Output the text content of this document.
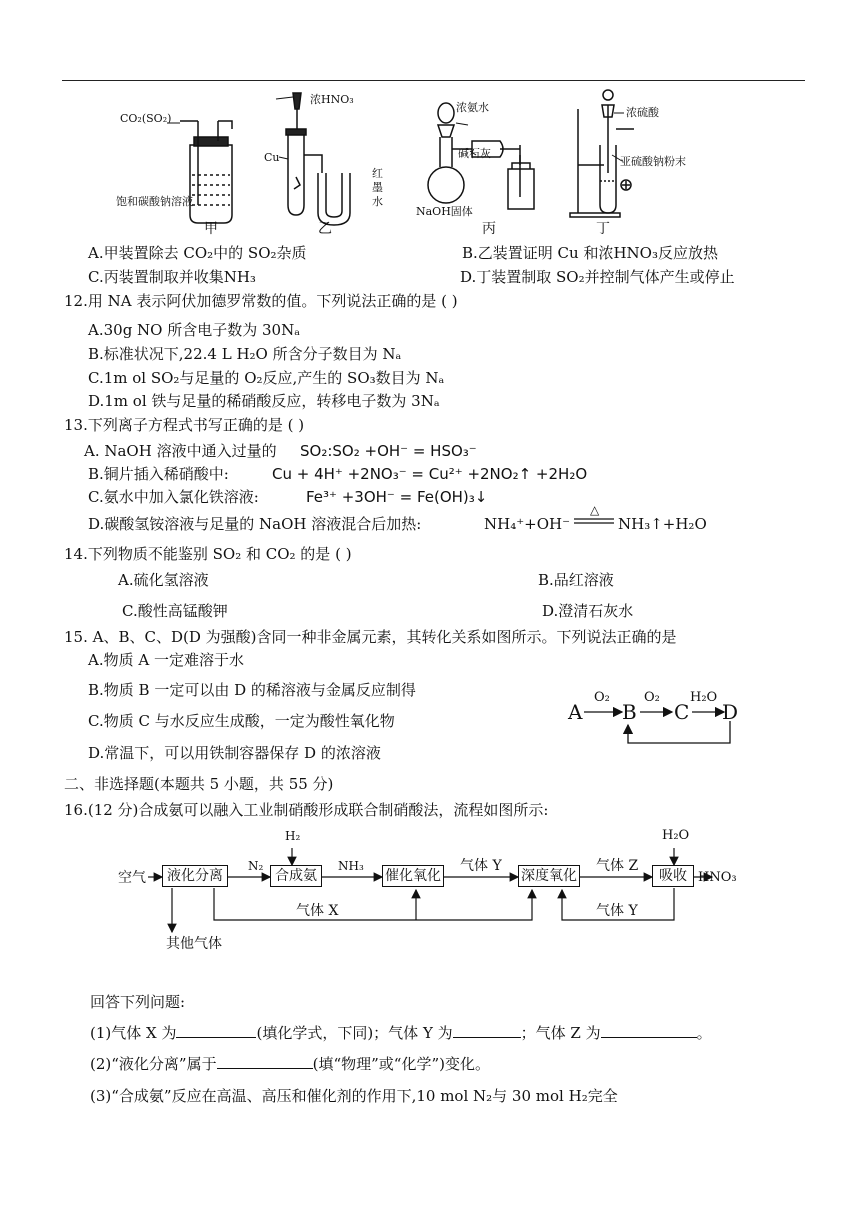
CO₂(SO₂)
饱和碳酸钠溶液
甲
浓HNO₃
Cu
红
墨
水
乙
浓氨水
碱石灰
NaOH固体
丙
浓硫酸
亚硫酸钠粉末
丁
A.甲装置除去 CO₂中的 SO₂杂质	B.乙装置证明 Cu 和浓HNO₃反应放热
C.丙装置制取并收集NH₃	D.丁装置制取 SO₂并控制气体产生或停止
12.用 NA 表示阿伏加德罗常数的值。下列说法正确的是 ( )
A.30g NO 所含电子数为 30Nₐ
B.标准状况下,22.4 L H₂O 所含分子数目为 Nₐ
C.1m ol SO₂与足量的 O₂反应,产生的 SO₃数目为 Nₐ
D.1m ol 铁与足量的稀硝酸反应，转移电子数为 3Nₐ
13.下列离子方程式书写正确的是 ( )
A. NaOH 溶液中通入过量的 SO₂:SO₂ +OH⁻ = HSO₃⁻
B.铜片插入稀硝酸中:	Cu + 4H⁺ +2NO₃⁻ = Cu²⁺ +2NO₂↑ +2H₂O
C.氨水中加入氯化铁溶液:	Fe³⁺ +3OH⁻ = Fe(OH)₃↓
D.碳酸氢铵溶液与足量的 NaOH 溶液混合后加热:	NH₄⁺+OH⁻
△
NH₃↑+H₂O
14.下列物质不能鉴别 SO₂ 和 CO₂ 的是 ( )
A.硫化氢溶液	B.品红溶液
C.酸性高锰酸钾	D.澄清石灰水
15. A、B、C、D(D 为强酸)含同一种非金属元素，其转化关系如图所示。下列说法正确的是
A.物质 A 一定难溶于水
B.物质 B 一定可以由 D 的稀溶液与金属反应制得
C.物质 C 与水反应生成酸，一定为酸性氧化物
D.常温下，可以用铁制容器保存 D 的浓溶液
A B C D
O₂	O₂ H₂O
二、非选择题(本题共 5 小题，共 55 分)
16.(12 分)合成氨可以融入工业制硝酸形成联合制硝酸法，流程如图所示:
空气	液化分离
N₂
H₂
合成氨
NH₃
催化氧化
气体 Y
深度氧化
气体 Z
H₂O
吸收 HNO₃
气体 X	气体 Y
其他气体
回答下列问题:
(1)气体 X 为	(填化学式，下同)；气体 Y 为	；气体 Z 为	。
(2)“液化分离”属于	(填“物理”或“化学”)变化。
(3)“合成氨”反应在高温、高压和催化剂的作用下,10 mol N₂与 30 mol H₂完全
